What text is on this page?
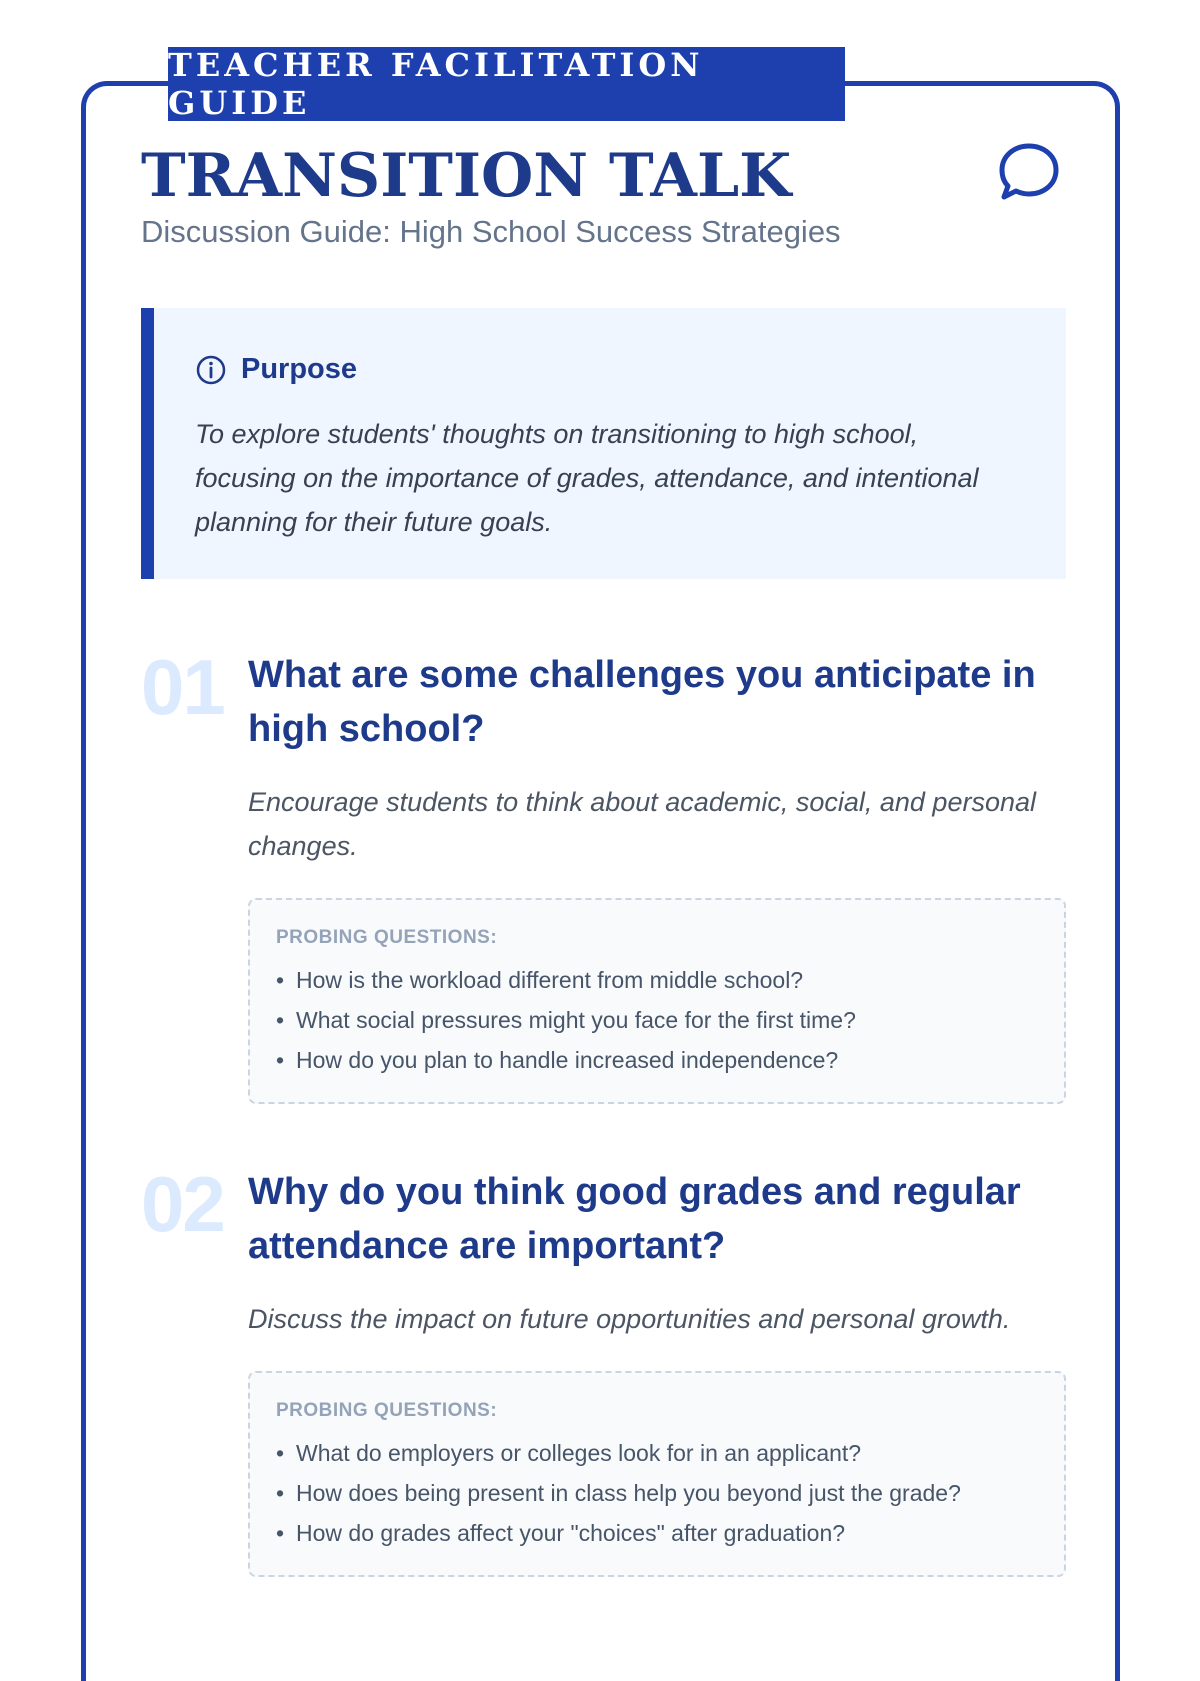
TEACHER FACILITATION GUIDE
TRANSITION TALK

Discussion Guide: High School Success Strategies

Purpose

To explore students' thoughts on transitioning to high school, focusing on the importance of grades, attendance, and intentional planning for their future goals.

01 What are some challenges you anticipate in high school?

Encourage students to think about academic, social, and personal changes.

PROBING QUESTIONS:
• How is the workload different from middle school?
• What social pressures might you face for the first time?
• How do you plan to handle increased independence?
02 Why do you think good grades and regular attendance are important?

Discuss the impact on future opportunities and personal growth.

PROBING QUESTIONS:
• What do employers or colleges look for in an applicant?
• How does being present in class help you beyond just the grade?
• How do grades affect your "choices" after graduation?
